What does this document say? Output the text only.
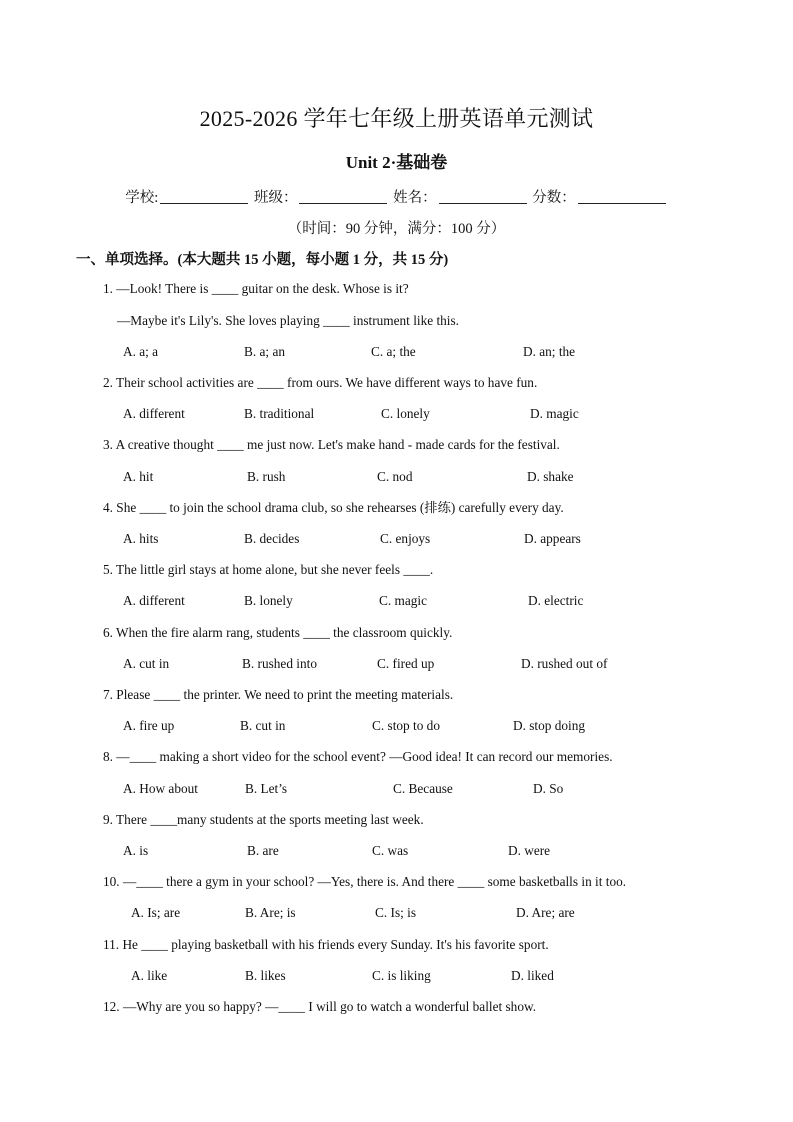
2025-2026 学年七年级上册英语单元测试
Unit 2·基础卷
学校:	班级：	姓名：	分数：
（时间：90 分钟，满分：100 分）
一、单项选择。(本大题共 15 小题，每小题 1 分，共 15 分)
1. —Look! There is ____ guitar on the desk. Whose is it?
—Maybe it's Lily's. She loves playing ____ instrument like this.
A. a; a	B. a; an	C. a; the	D. an; the
2. Their school activities are ____ from ours. We have different ways to have fun.
A. different	B. traditional	C. lonely	D. magic
3. A creative thought ____ me just now. Let's make hand - made cards for the festival.
A. hit	B. rush	C. nod	D. shake
4. She ____ to join the school drama club, so she rehearses (排练) carefully every day.
A. hits	B. decides	C. enjoys	D. appears
5. The little girl stays at home alone, but she never feels ____.
A. different	B. lonely	C. magic	D. electric
6. When the fire alarm rang, students ____ the classroom quickly.
A. cut in	B. rushed into	C. fired up	D. rushed out of
7. Please ____ the printer. We need to print the meeting materials.
A. fire up	B. cut in	C. stop to do	D. stop doing
8. —____ making a short video for the school event? —Good idea! It can record our memories.
A. How about	B. Let’s	C. Because	D. So
9. There ____many students at the sports meeting last week.
A. is	B. are	C. was	D. were
10. —____ there a gym in your school? —Yes, there is. And there ____ some basketballs in it too.
A. Is; are	B. Are; is	C. Is; is	D. Are; are
11. He ____ playing basketball with his friends every Sunday. It's his favorite sport.
A. like	B. likes	C. is liking	D. liked
12. —Why are you so happy? —____ I will go to watch a wonderful ballet show.
